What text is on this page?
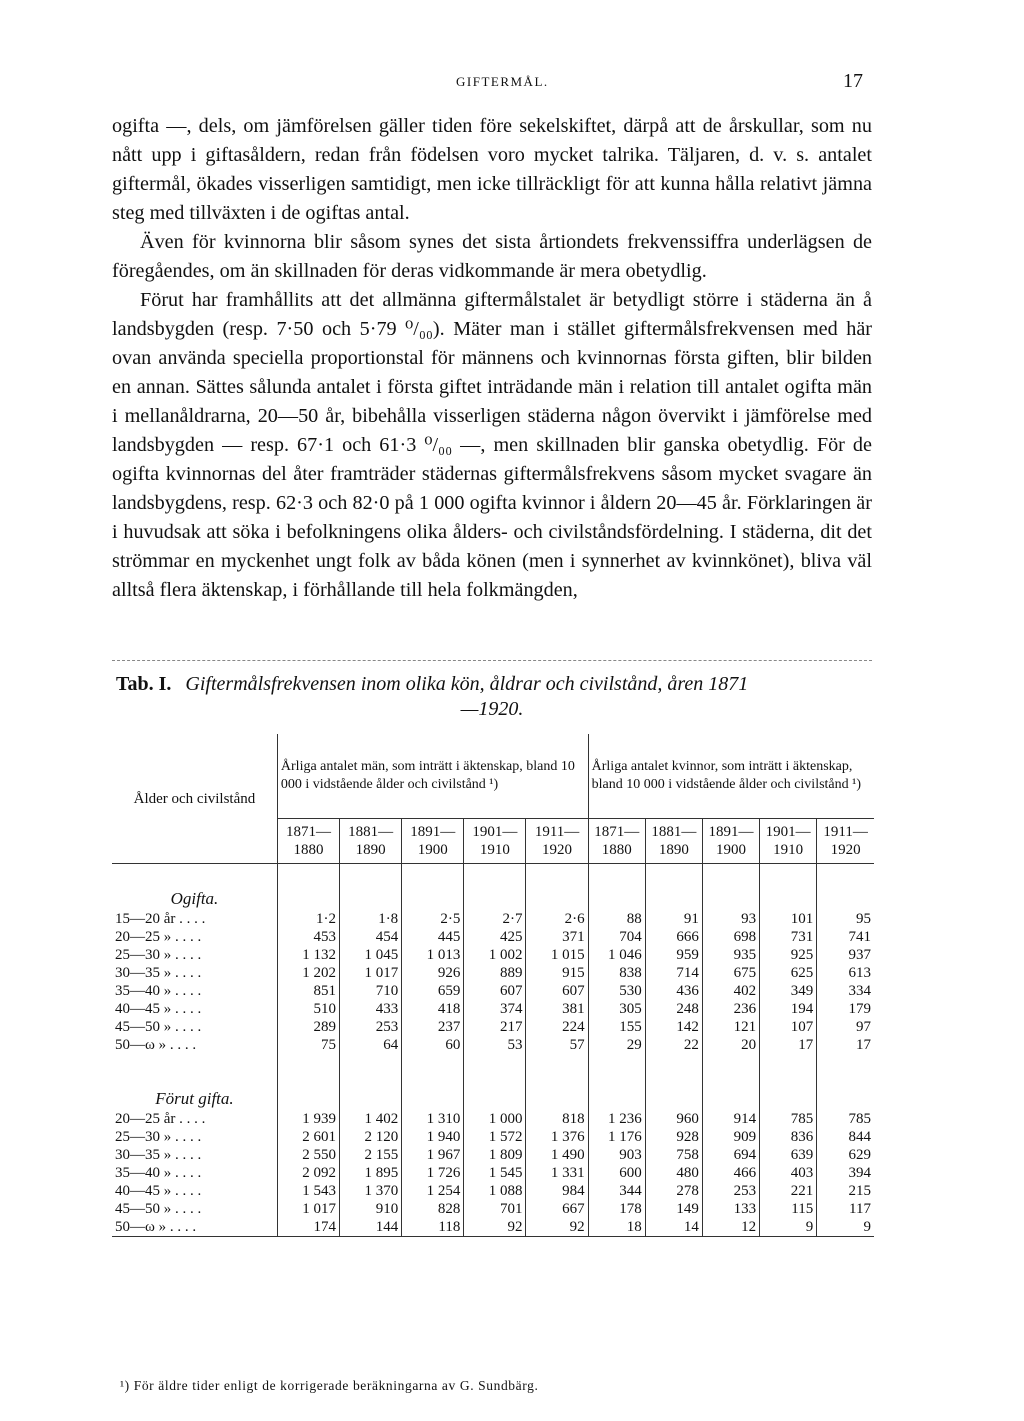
GIFTERMÅL.	17

ogifta —, dels, om jämförelsen gäller tiden före sekelskiftet, därpå att de årskullar, som nu nått upp i giftasåldern, redan från födelsen voro mycket talrika. Täljaren, d. v. s. antalet giftermål, ökades visserligen samtidigt, men icke tillräckligt för att kunna hålla relativt jämna steg med tillväxten i de ogiftas antal.

Även för kvinnorna blir såsom synes det sista årtiondets frekvenssiffra underlägsen de föregåendes, om än skillnaden för deras vidkommande är mera obetydlig.

Förut har framhållits att det allmänna giftermålstalet är betydligt större i städerna än å landsbygden (resp. 7·50 och 5·79 ⁰/₀₀). Mäter man i stället giftermålsfrekvensen med här ovan använda speciella proportionstal för männens och kvinnornas första giften, blir bilden en annan. Sättes sålunda antalet i första giftet inträdande män i relation till antalet ogifta män i mellanåldrarna, 20—50 år, bibehålla visserligen städerna någon övervikt i jämförelse med landsbygden — resp. 67·1 och 61·3 ⁰/₀₀ —, men skillnaden blir ganska obetydlig. För de ogifta kvinnornas del åter framträder städernas giftermålsfrekvens såsom mycket svagare än landsbygdens, resp. 62·3 och 82·0 på 1 000 ogifta kvinnor i åldern 20—45 år. Förklaringen är i huvudsak att söka i befolkningens olika ålders- och civilståndsfördelning. I städerna, dit det strömmar en myckenhet ungt folk av båda könen (men i synnerhet av kvinnkönet), bliva väl alltså flera äktenskap, i förhållande till hela folkmängden,

Tab. I. Giftermålsfrekvensen inom olika kön, åldrar och civilstånd, åren 1871
—1920.
Ålder och civilstånd	Årliga antalet män, som inträtt i äktenskap, bland 10 000 i vidstående ålder och civilstånd ¹)					Årliga antalet kvinnor, som inträtt i äktenskap, bland 10 000 i vidstående ålder och civilstånd ¹)				
	1871—1880	1881—1890	1891—1900	1901—1910	1911—1920	1871—1880	1881—1890	1891—1900	1901—1910	1911—1920
Ogifta.										
15—20 år . . . .	1·2	1·8	2·5	2·7	2·6	88	91	93	101	95
20—25 » . . . .	453	454	445	425	371	704	666	698	731	741
25—30 » . . . .	1 132	1 045	1 013	1 002	1 015	1 046	959	935	925	937
30—35 » . . . .	1 202	1 017	926	889	915	838	714	675	625	613
35—40 » . . . .	851	710	659	607	607	530	436	402	349	334
40—45 » . . . .	510	433	418	374	381	305	248	236	194	179
45—50 » . . . .	289	253	237	217	224	155	142	121	107	97
50—ω » . . . .	75	64	60	53	57	29	22	20	17	17

Förut gifta.										
20—25 år . . . .	1 939	1 402	1 310	1 000	818	1 236	960	914	785	785
25—30 » . . . .	2 601	2 120	1 940	1 572	1 376	1 176	928	909	836	844
30—35 » . . . .	2 550	2 155	1 967	1 809	1 490	903	758	694	639	629
35—40 » . . . .	2 092	1 895	1 726	1 545	1 331	600	480	466	403	394
40—45 » . . . .	1 543	1 370	1 254	1 088	984	344	278	253	221	215
45—50 » . . . .	1 017	910	828	701	667	178	149	133	115	117
50—ω » . . . .	174	144	118	92	92	18	14	12	9	9
¹) För äldre tider enligt de korrigerade beräkningarna av G. Sundbärg.
